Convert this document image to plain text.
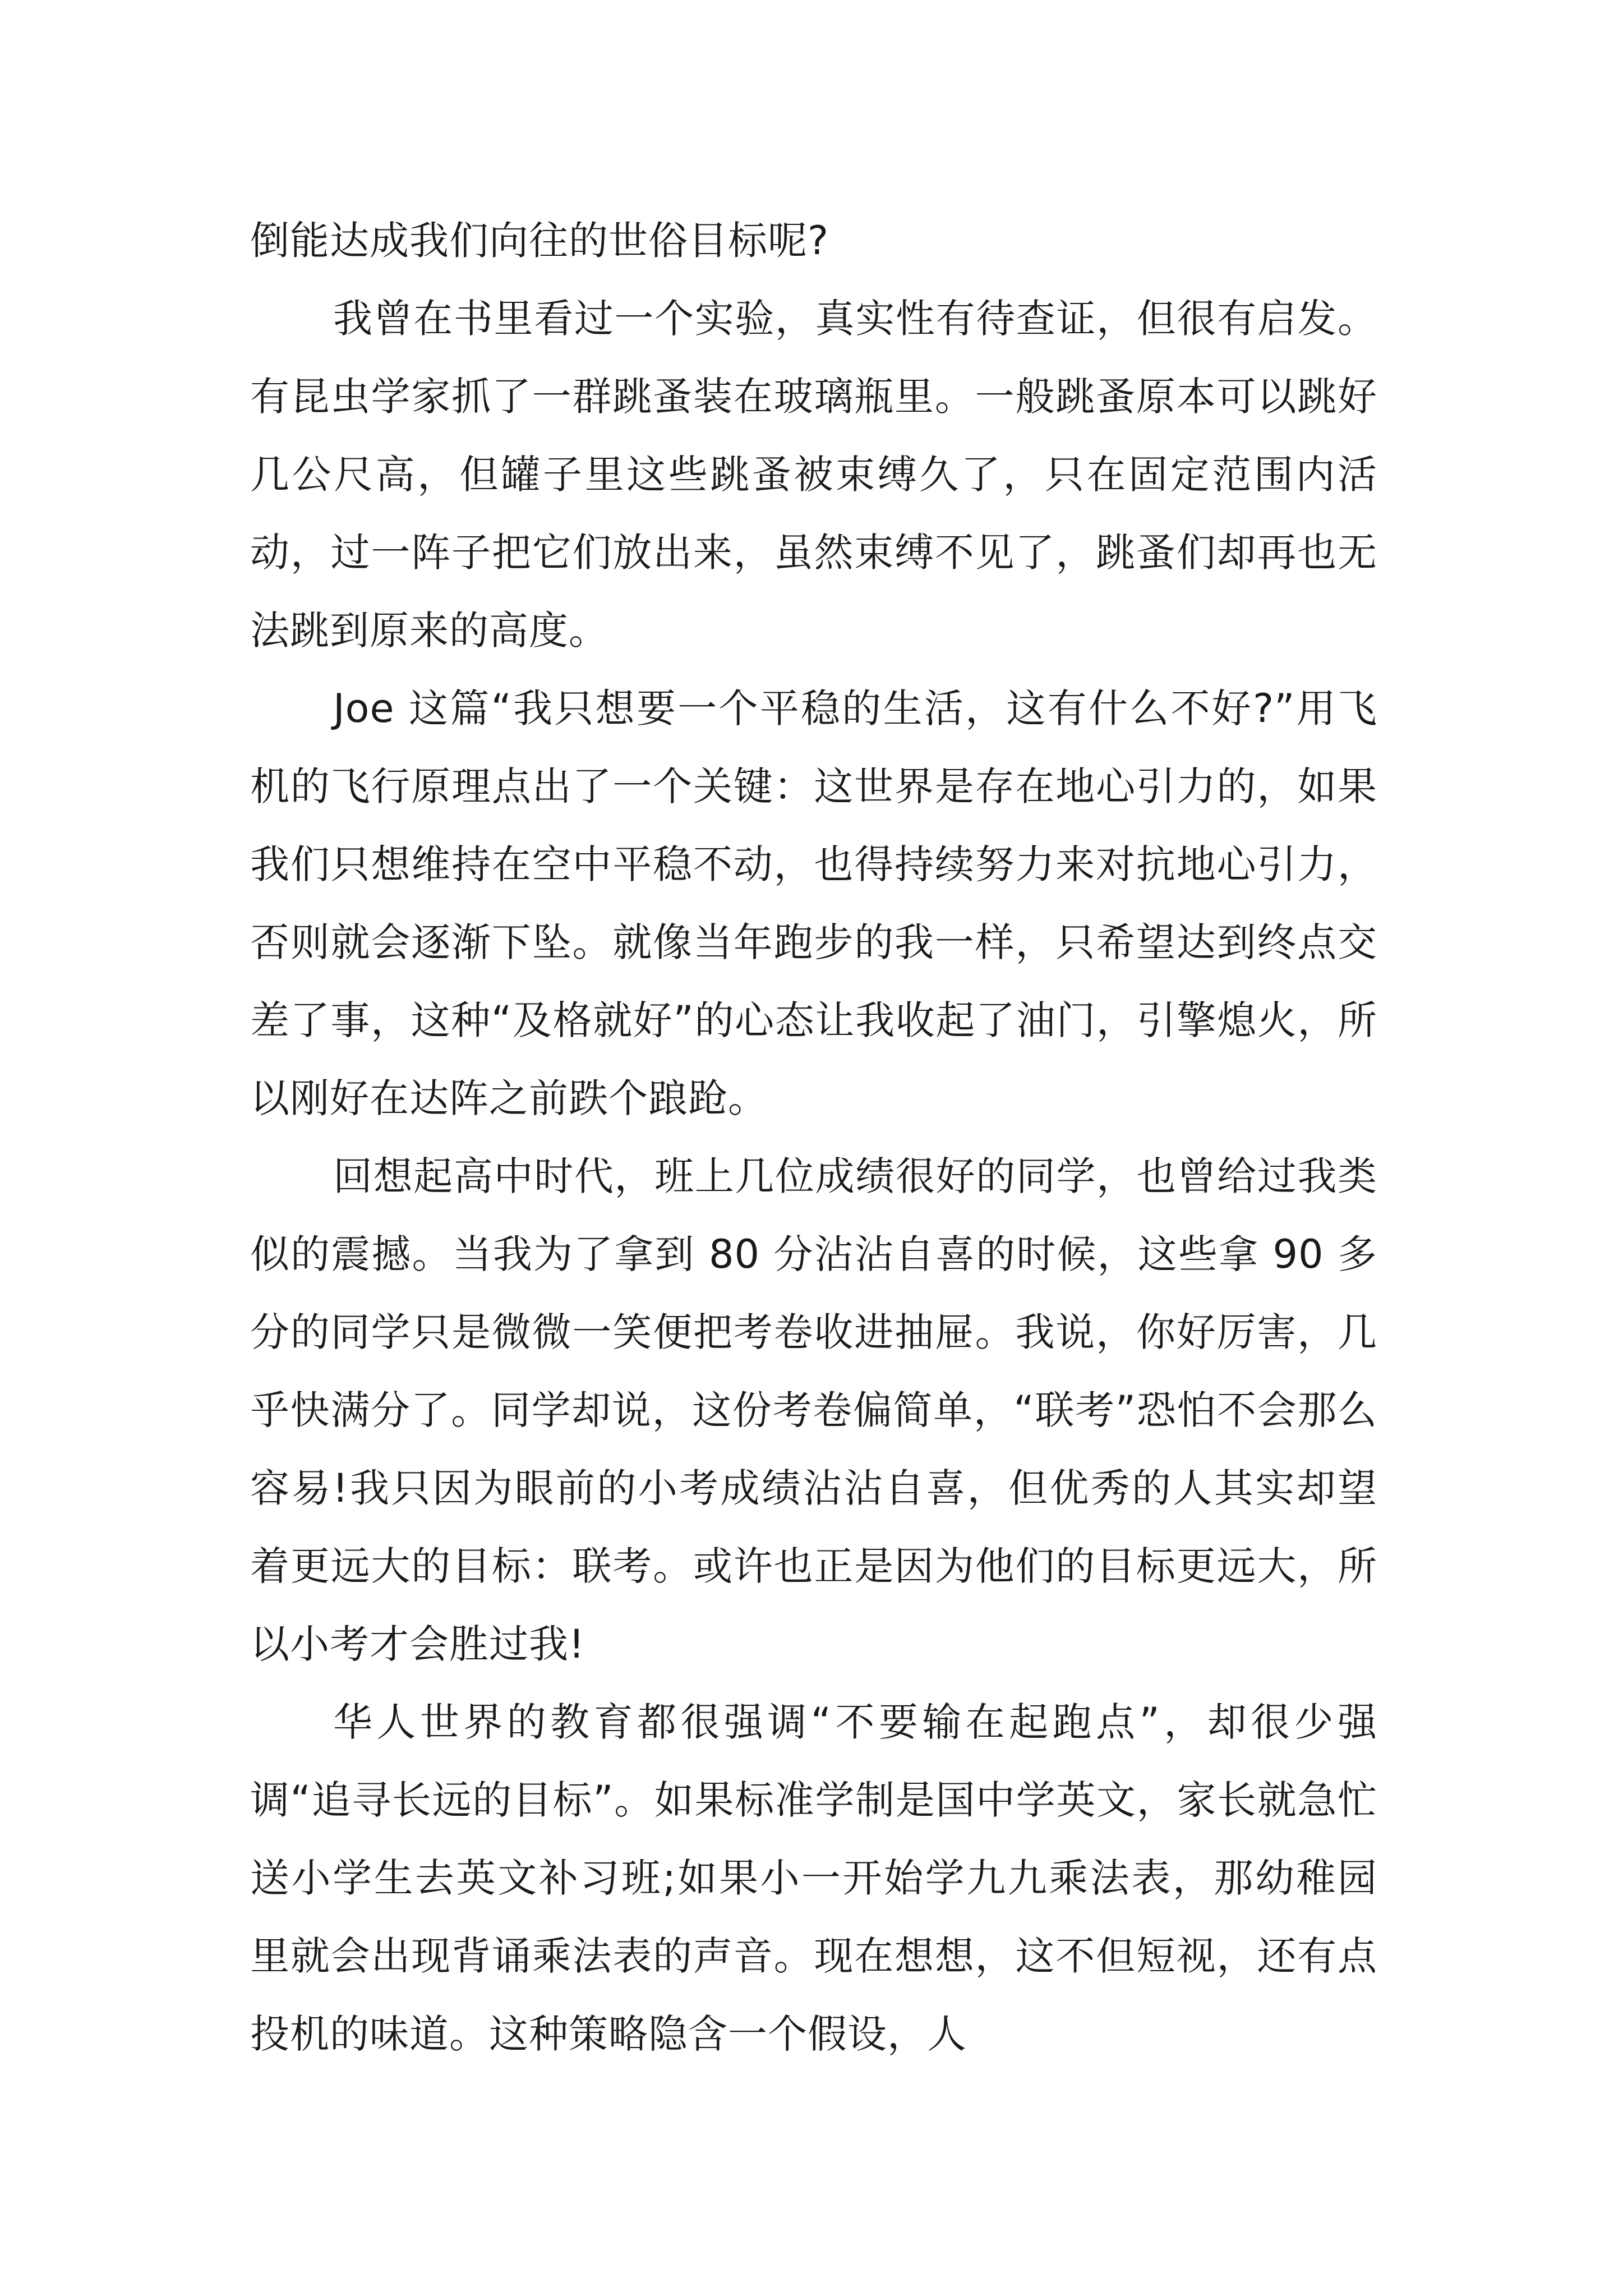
倒能达成我们向往的世俗目标呢?

我曾在书里看过一个实验，真实性有待查证，但很有启发。有昆虫学家抓了一群跳蚤装在玻璃瓶里。一般跳蚤原本可以跳好几公尺高，但罐子里这些跳蚤被束缚久了，只在固定范围内活动，过一阵子把它们放出来，虽然束缚不见了，跳蚤们却再也无法跳到原来的高度。

Joe 这篇“我只想要一个平稳的生活，这有什么不好?”用飞机的飞行原理点出了一个关键：这世界是存在地心引力的，如果我们只想维持在空中平稳不动，也得持续努力来对抗地心引力，否则就会逐渐下坠。就像当年跑步的我一样，只希望达到终点交差了事，这种“及格就好”的心态让我收起了油门，引擎熄火，所以刚好在达阵之前跌个踉跄。

回想起高中时代，班上几位成绩很好的同学，也曾给过我类似的震撼。当我为了拿到 80 分沾沾自喜的时候，这些拿 90 多分的同学只是微微一笑便把考卷收进抽屉。我说，你好厉害，几乎快满分了。同学却说，这份考卷偏简单，“联考”恐怕不会那么容易!我只因为眼前的小考成绩沾沾自喜，但优秀的人其实却望着更远大的目标：联考。或许也正是因为他们的目标更远大，所以小考才会胜过我!

华人世界的教育都很强调“不要输在起跑点”，却很少强调“追寻长远的目标”。如果标准学制是国中学英文，家长就急忙送小学生去英文补习班;如果小一开始学九九乘法表，那幼稚园里就会出现背诵乘法表的声音。现在想想，这不但短视，还有点投机的味道。这种策略隐含一个假设，人
